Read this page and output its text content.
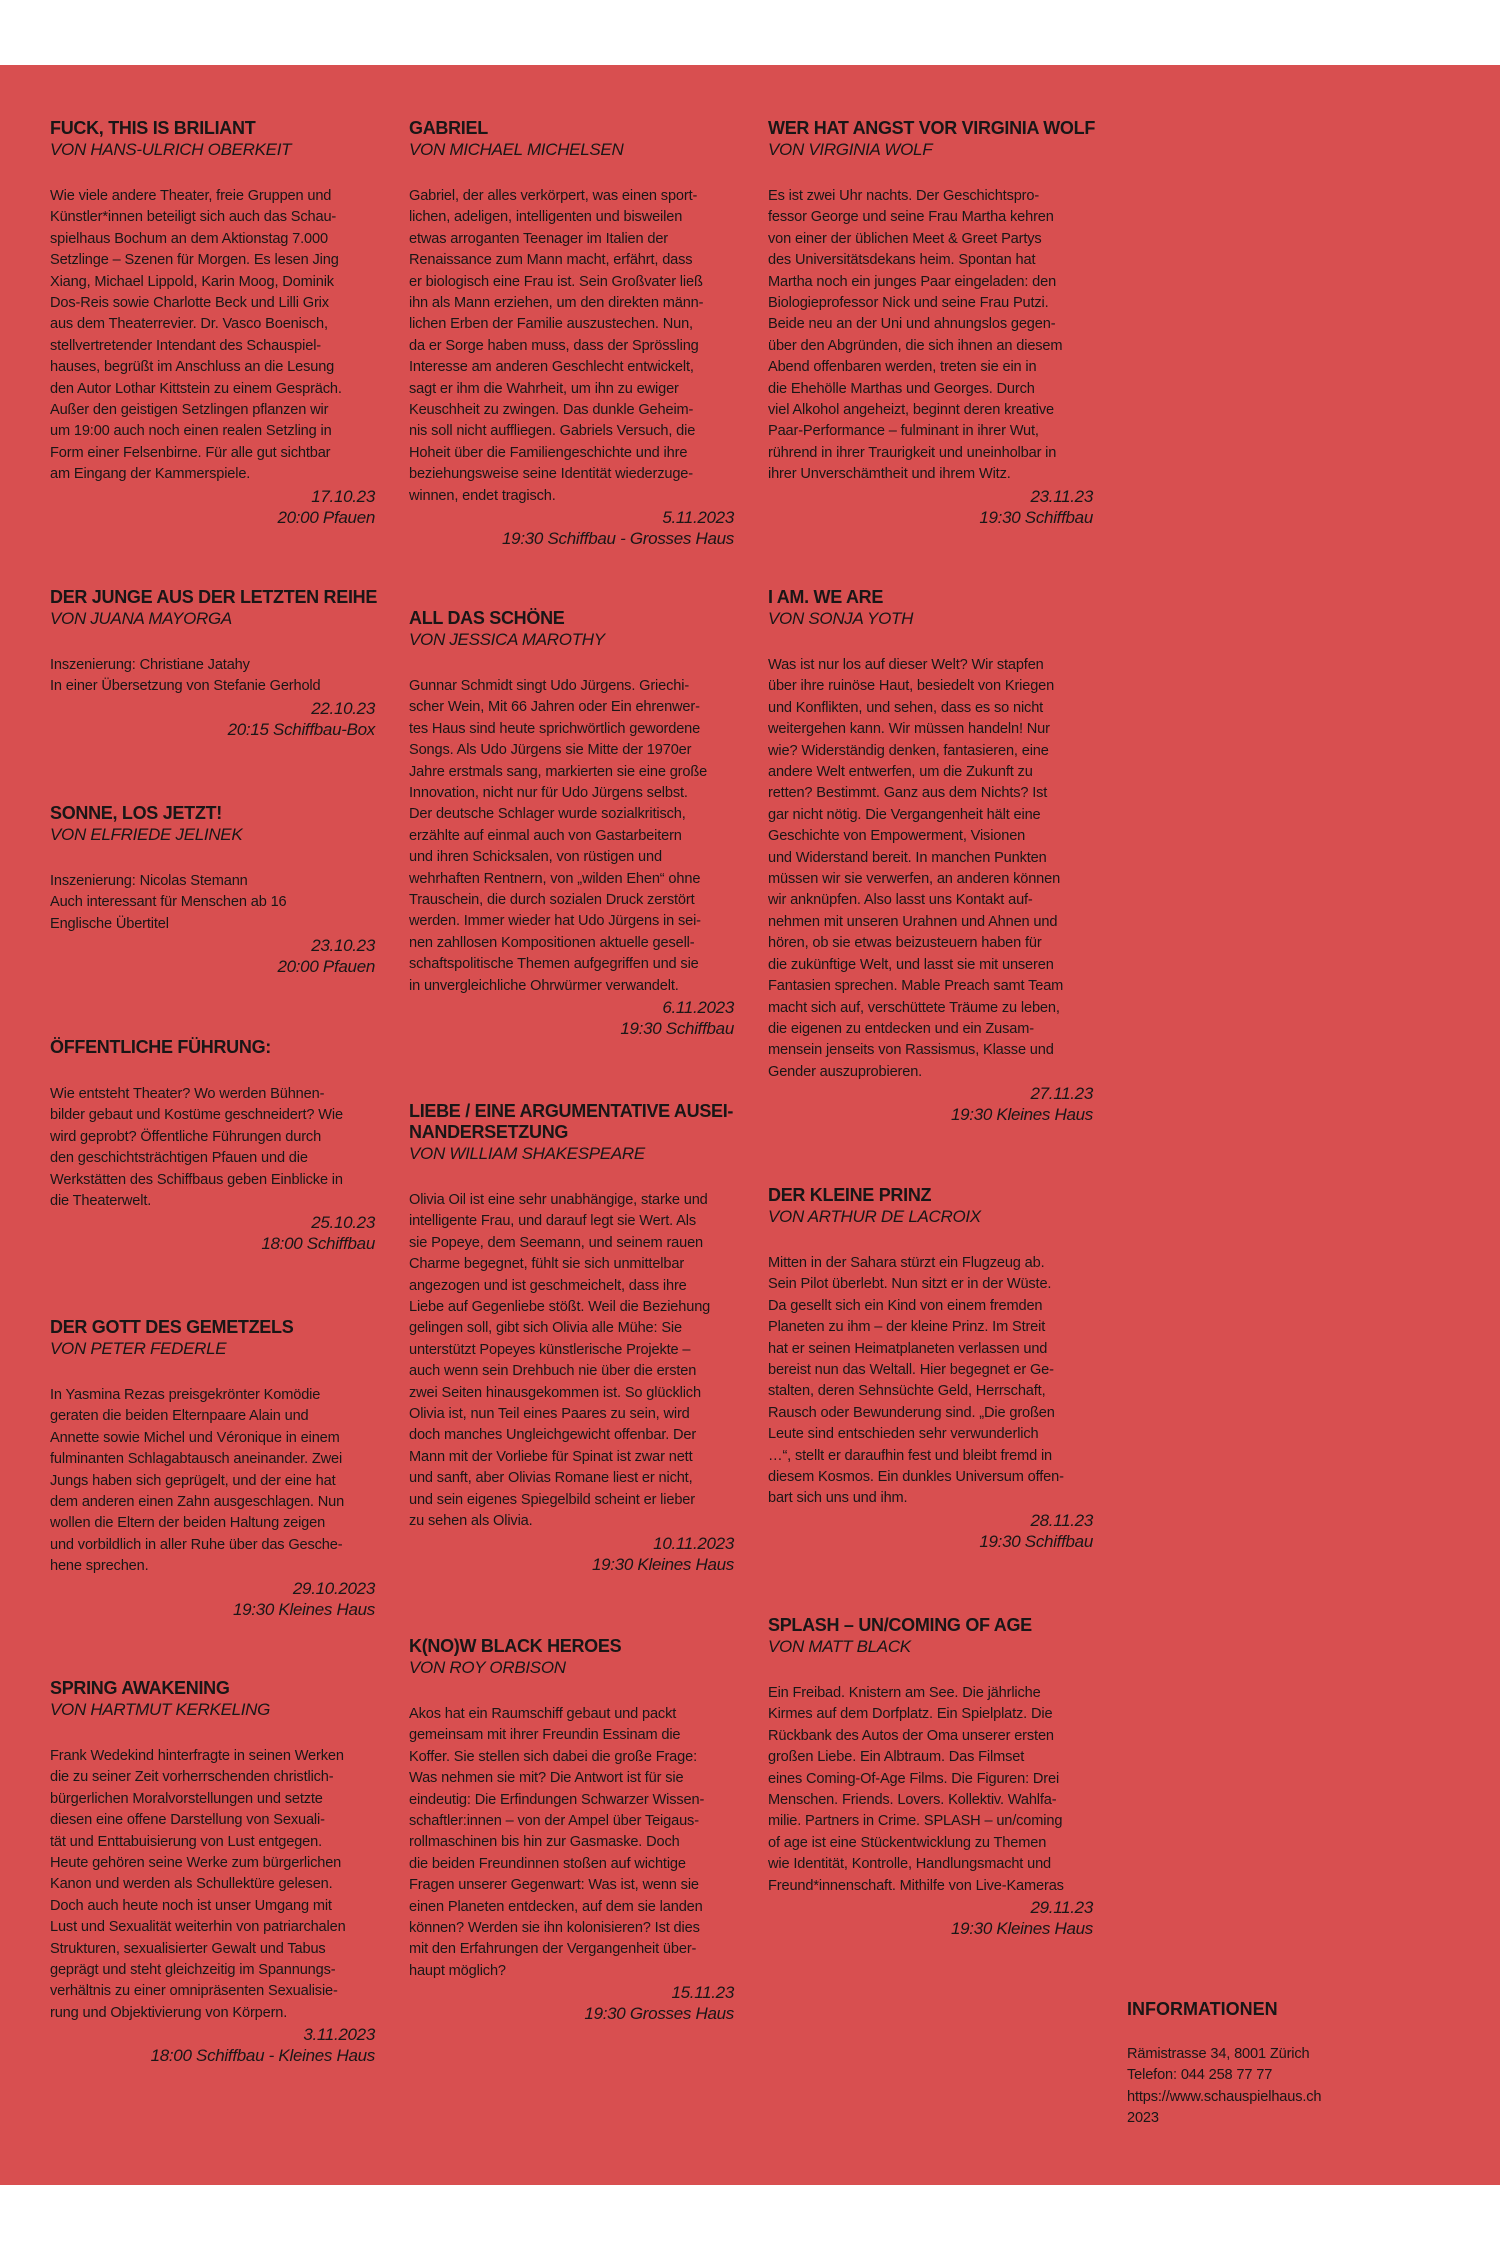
FUCK, THIS IS BRILIANT

VON HANS-ULRICH OBERKEIT

Wie viele andere Theater, freie Gruppen und
Künstler*innen beteiligt sich auch das Schau-
spielhaus Bochum an dem Aktionstag 7.000
Setzlinge – Szenen für Morgen. Es lesen Jing
Xiang, Michael Lippold, Karin Moog, Dominik
Dos-Reis sowie Charlotte Beck und Lilli Grix
aus dem Theaterrevier. Dr. Vasco Boenisch,
stellvertretender Intendant des Schauspiel-
hauses, begrüßt im Anschluss an die Lesung
den Autor Lothar Kittstein zu einem Gespräch.
Außer den geistigen Setzlingen pflanzen wir
um 19:00 auch noch einen realen Setzling in
Form einer Felsenbirne. Für alle gut sichtbar
am Eingang der Kammerspiele.

17.10.23
20:00 Pfauen

DER JUNGE AUS DER LETZTEN REIHE

VON JUANA MAYORGA

Inszenierung: Christiane Jatahy
In einer Übersetzung von Stefanie Gerhold

22.10.23
20:15 Schiffbau-Box

SONNE, LOS JETZT!

VON ELFRIEDE JELINEK

Inszenierung: Nicolas Stemann
Auch interessant für Menschen ab 16
Englische Übertitel

23.10.23
20:00 Pfauen

ÖFFENTLICHE FÜHRUNG:

Wie entsteht Theater? Wo werden Bühnen-
bilder gebaut und Kostüme geschneidert? Wie
wird geprobt? Öffentliche Führungen durch
den geschichtsträchtigen Pfauen und die
Werkstätten des Schiffbaus geben Einblicke in
die Theaterwelt.

25.10.23
18:00 Schiffbau

DER GOTT DES GEMETZELS

VON PETER FEDERLE

In Yasmina Rezas preisgekrönter Komödie
geraten die beiden Elternpaare Alain und
Annette sowie Michel und Véronique in einem
fulminanten Schlagabtausch aneinander. Zwei
Jungs haben sich geprügelt, und der eine hat
dem anderen einen Zahn ausgeschlagen. Nun
wollen die Eltern der beiden Haltung zeigen
und vorbildlich in aller Ruhe über das Gesche-
hene sprechen.

29.10.2023
19:30 Kleines Haus

SPRING AWAKENING

VON HARTMUT KERKELING

Frank Wedekind hinterfragte in seinen Werken
die zu seiner Zeit vorherrschenden christlich-
bürgerlichen Moralvorstellungen und setzte
diesen eine offene Darstellung von Sexuali-
tät und Enttabuisierung von Lust entgegen.
Heute gehören seine Werke zum bürgerlichen
Kanon und werden als Schullektüre gelesen.
Doch auch heute noch ist unser Umgang mit
Lust und Sexualität weiterhin von patriarchalen
Strukturen, sexualisierter Gewalt und Tabus
geprägt und steht gleichzeitig im Spannungs-
verhältnis zu einer omnipräsenten Sexualisie-
rung und Objektivierung von Körpern.

3.11.2023
18:00 Schiffbau - Kleines Haus

GABRIEL

VON MICHAEL MICHELSEN

Gabriel, der alles verkörpert, was einen sport-
lichen, adeligen, intelligenten und bisweilen
etwas arroganten Teenager im Italien der
Renaissance zum Mann macht, erfährt, dass
er biologisch eine Frau ist. Sein Großvater ließ
ihn als Mann erziehen, um den direkten männ-
lichen Erben der Familie auszustechen. Nun,
da er Sorge haben muss, dass der Sprössling
Interesse am anderen Geschlecht entwickelt,
sagt er ihm die Wahrheit, um ihn zu ewiger
Keuschheit zu zwingen. Das dunkle Geheim-
nis soll nicht auffliegen. Gabriels Versuch, die
Hoheit über die Familiengeschichte und ihre
beziehungsweise seine Identität wiederzuge-
winnen, endet tragisch.

5.11.2023
19:30 Schiffbau - Grosses Haus

ALL DAS SCHÖNE

VON JESSICA MAROTHY

Gunnar Schmidt singt Udo Jürgens. Griechi-
scher Wein, Mit 66 Jahren oder Ein ehrenwer-
tes Haus sind heute sprichwörtlich gewordene
Songs. Als Udo Jürgens sie Mitte der 1970er
Jahre erstmals sang, markierten sie eine große
Innovation, nicht nur für Udo Jürgens selbst.
Der deutsche Schlager wurde sozialkritisch,
erzählte auf einmal auch von Gastarbeitern
und ihren Schicksalen, von rüstigen und
wehrhaften Rentnern, von „wilden Ehen“ ohne
Trauschein, die durch sozialen Druck zerstört
werden. Immer wieder hat Udo Jürgens in sei-
nen zahllosen Kompositionen aktuelle gesell-
schaftspolitische Themen aufgegriffen und sie
in unvergleichliche Ohrwürmer verwandelt.

6.11.2023
19:30 Schiffbau

LIEBE / EINE ARGUMENTATIVE AUSEI-
NANDERSETZUNG

VON WILLIAM SHAKESPEARE

Olivia Oil ist eine sehr unabhängige, starke und
intelligente Frau, und darauf legt sie Wert. Als
sie Popeye, dem Seemann, und seinem rauen
Charme begegnet, fühlt sie sich unmittelbar
angezogen und ist geschmeichelt, dass ihre
Liebe auf Gegenliebe stößt. Weil die Beziehung
gelingen soll, gibt sich Olivia alle Mühe: Sie
unterstützt Popeyes künstlerische Projekte –
auch wenn sein Drehbuch nie über die ersten
zwei Seiten hinausgekommen ist. So glücklich
Olivia ist, nun Teil eines Paares zu sein, wird
doch manches Ungleichgewicht offenbar. Der
Mann mit der Vorliebe für Spinat ist zwar nett
und sanft, aber Olivias Romane liest er nicht,
und sein eigenes Spiegelbild scheint er lieber
zu sehen als Olivia.

10.11.2023
19:30 Kleines Haus

K(NO)W BLACK HEROES

VON ROY ORBISON

Akos hat ein Raumschiff gebaut und packt
gemeinsam mit ihrer Freundin Essinam die
Koffer. Sie stellen sich dabei die große Frage:
Was nehmen sie mit? Die Antwort ist für sie
eindeutig: Die Erfindungen Schwarzer Wissen-
schaftler:innen – von der Ampel über Teigaus-
rollmaschinen bis hin zur Gasmaske. Doch
die beiden Freundinnen stoßen auf wichtige
Fragen unserer Gegenwart: Was ist, wenn sie
einen Planeten entdecken, auf dem sie landen
können? Werden sie ihn kolonisieren? Ist dies
mit den Erfahrungen der Vergangenheit über-
haupt möglich?

15.11.23
19:30 Grosses Haus

WER HAT ANGST VOR VIRGINIA WOLF

VON VIRGINIA WOLF

Es ist zwei Uhr nachts. Der Geschichtspro-
fessor George und seine Frau Martha kehren
von einer der üblichen Meet & Greet Partys
des Universitätsdekans heim. Spontan hat
Martha noch ein junges Paar eingeladen: den
Biologieprofessor Nick und seine Frau Putzi.
Beide neu an der Uni und ahnungslos gegen-
über den Abgründen, die sich ihnen an diesem
Abend offenbaren werden, treten sie ein in
die Ehehölle Marthas und Georges. Durch
viel Alkohol angeheizt, beginnt deren kreative
Paar-Performance – fulminant in ihrer Wut,
rührend in ihrer Traurigkeit und uneinholbar in
ihrer Unverschämtheit und ihrem Witz.

23.11.23
19:30 Schiffbau

I AM. WE ARE

VON SONJA YOTH

Was ist nur los auf dieser Welt? Wir stapfen
über ihre ruinöse Haut, besiedelt von Kriegen
und Konflikten, und sehen, dass es so nicht
weitergehen kann. Wir müssen handeln! Nur
wie? Widerständig denken, fantasieren, eine
andere Welt entwerfen, um die Zukunft zu
retten? Bestimmt. Ganz aus dem Nichts? Ist
gar nicht nötig. Die Vergangenheit hält eine
Geschichte von Empowerment, Visionen
und Widerstand bereit. In manchen Punkten
müssen wir sie verwerfen, an anderen können
wir anknüpfen. Also lasst uns Kontakt auf-
nehmen mit unseren Urahnen und Ahnen und
hören, ob sie etwas beizusteuern haben für
die zukünftige Welt, und lasst sie mit unseren
Fantasien sprechen. Mable Preach samt Team
macht sich auf, verschüttete Träume zu leben,
die eigenen zu entdecken und ein Zusam-
mensein jenseits von Rassismus, Klasse und
Gender auszuprobieren.

27.11.23
19:30 Kleines Haus

DER KLEINE PRINZ

VON ARTHUR DE LACROIX

Mitten in der Sahara stürzt ein Flugzeug ab.
Sein Pilot überlebt. Nun sitzt er in der Wüste.
Da gesellt sich ein Kind von einem fremden
Planeten zu ihm – der kleine Prinz. Im Streit
hat er seinen Heimatplaneten verlassen und
bereist nun das Weltall. Hier begegnet er Ge-
stalten, deren Sehnsüchte Geld, Herrschaft,
Rausch oder Bewunderung sind. „Die großen
Leute sind entschieden sehr verwunderlich
…“, stellt er daraufhin fest und bleibt fremd in
diesem Kosmos. Ein dunkles Universum offen-
bart sich uns und ihm.

28.11.23
19:30 Schiffbau

SPLASH – UN/COMING OF AGE

VON MATT BLACK

Ein Freibad. Knistern am See. Die jährliche
Kirmes auf dem Dorfplatz. Ein Spielplatz. Die
Rückbank des Autos der Oma unserer ersten
großen Liebe. Ein Albtraum. Das Filmset
eines Coming-Of-Age Films. Die Figuren: Drei
Menschen. Friends. Lovers. Kollektiv. Wahlfa-
milie. Partners in Crime. SPLASH – un/coming
of age ist eine Stückentwicklung zu Themen
wie Identität, Kontrolle, Handlungsmacht und
Freund*innenschaft. Mithilfe von Live-Kameras

29.11.23
19:30 Kleines Haus

INFORMATIONEN

Rämistrasse 34, 8001 Zürich
Telefon: 044 258 77 77
https://www.schauspielhaus.ch
2023
